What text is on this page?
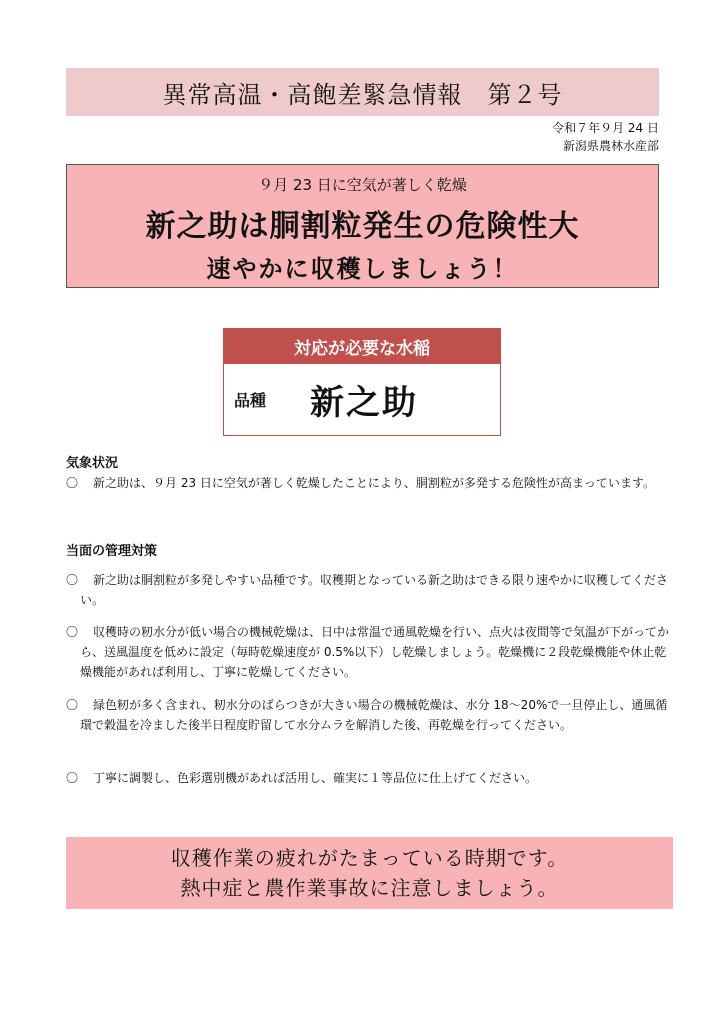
異常高温・高飽差緊急情報　第２号
令和７年９月 24 日
新潟県農林水産部
９月 23 日に空気が著しく乾燥
新之助は胴割粒発生の危険性大
速やかに収穫しましょう！
対応が必要な水稲
品種	新之助
気象状況
〇 新之助は、９月 23 日に空気が著しく乾燥したことにより、胴割粒が多発する危険性が高まっています。
当面の管理対策
〇 新之助は胴割粒が多発しやすい品種です。収穫期となっている新之助はできる限り速やかに収穫してください。
〇 収穫時の籾水分が低い場合の機械乾燥は、日中は常温で通風乾燥を行い、点火は夜間等で気温が下がってから、送風温度を低めに設定（毎時乾燥速度が 0.5%以下）し乾燥しましょう。乾燥機に２段乾燥機能や休止乾燥機能があれば利用し、丁寧に乾燥してください。
〇 緑色籾が多く含まれ、籾水分のばらつきが大きい場合の機械乾燥は、水分 18～20%で一旦停止し、通風循環で穀温を冷ました後半日程度貯留して水分ムラを解消した後、再乾燥を行ってください。
〇 丁寧に調製し、色彩選別機があれば活用し、確実に１等品位に仕上げてください。
収穫作業の疲れがたまっている時期です。
熱中症と農作業事故に注意しましょう。
